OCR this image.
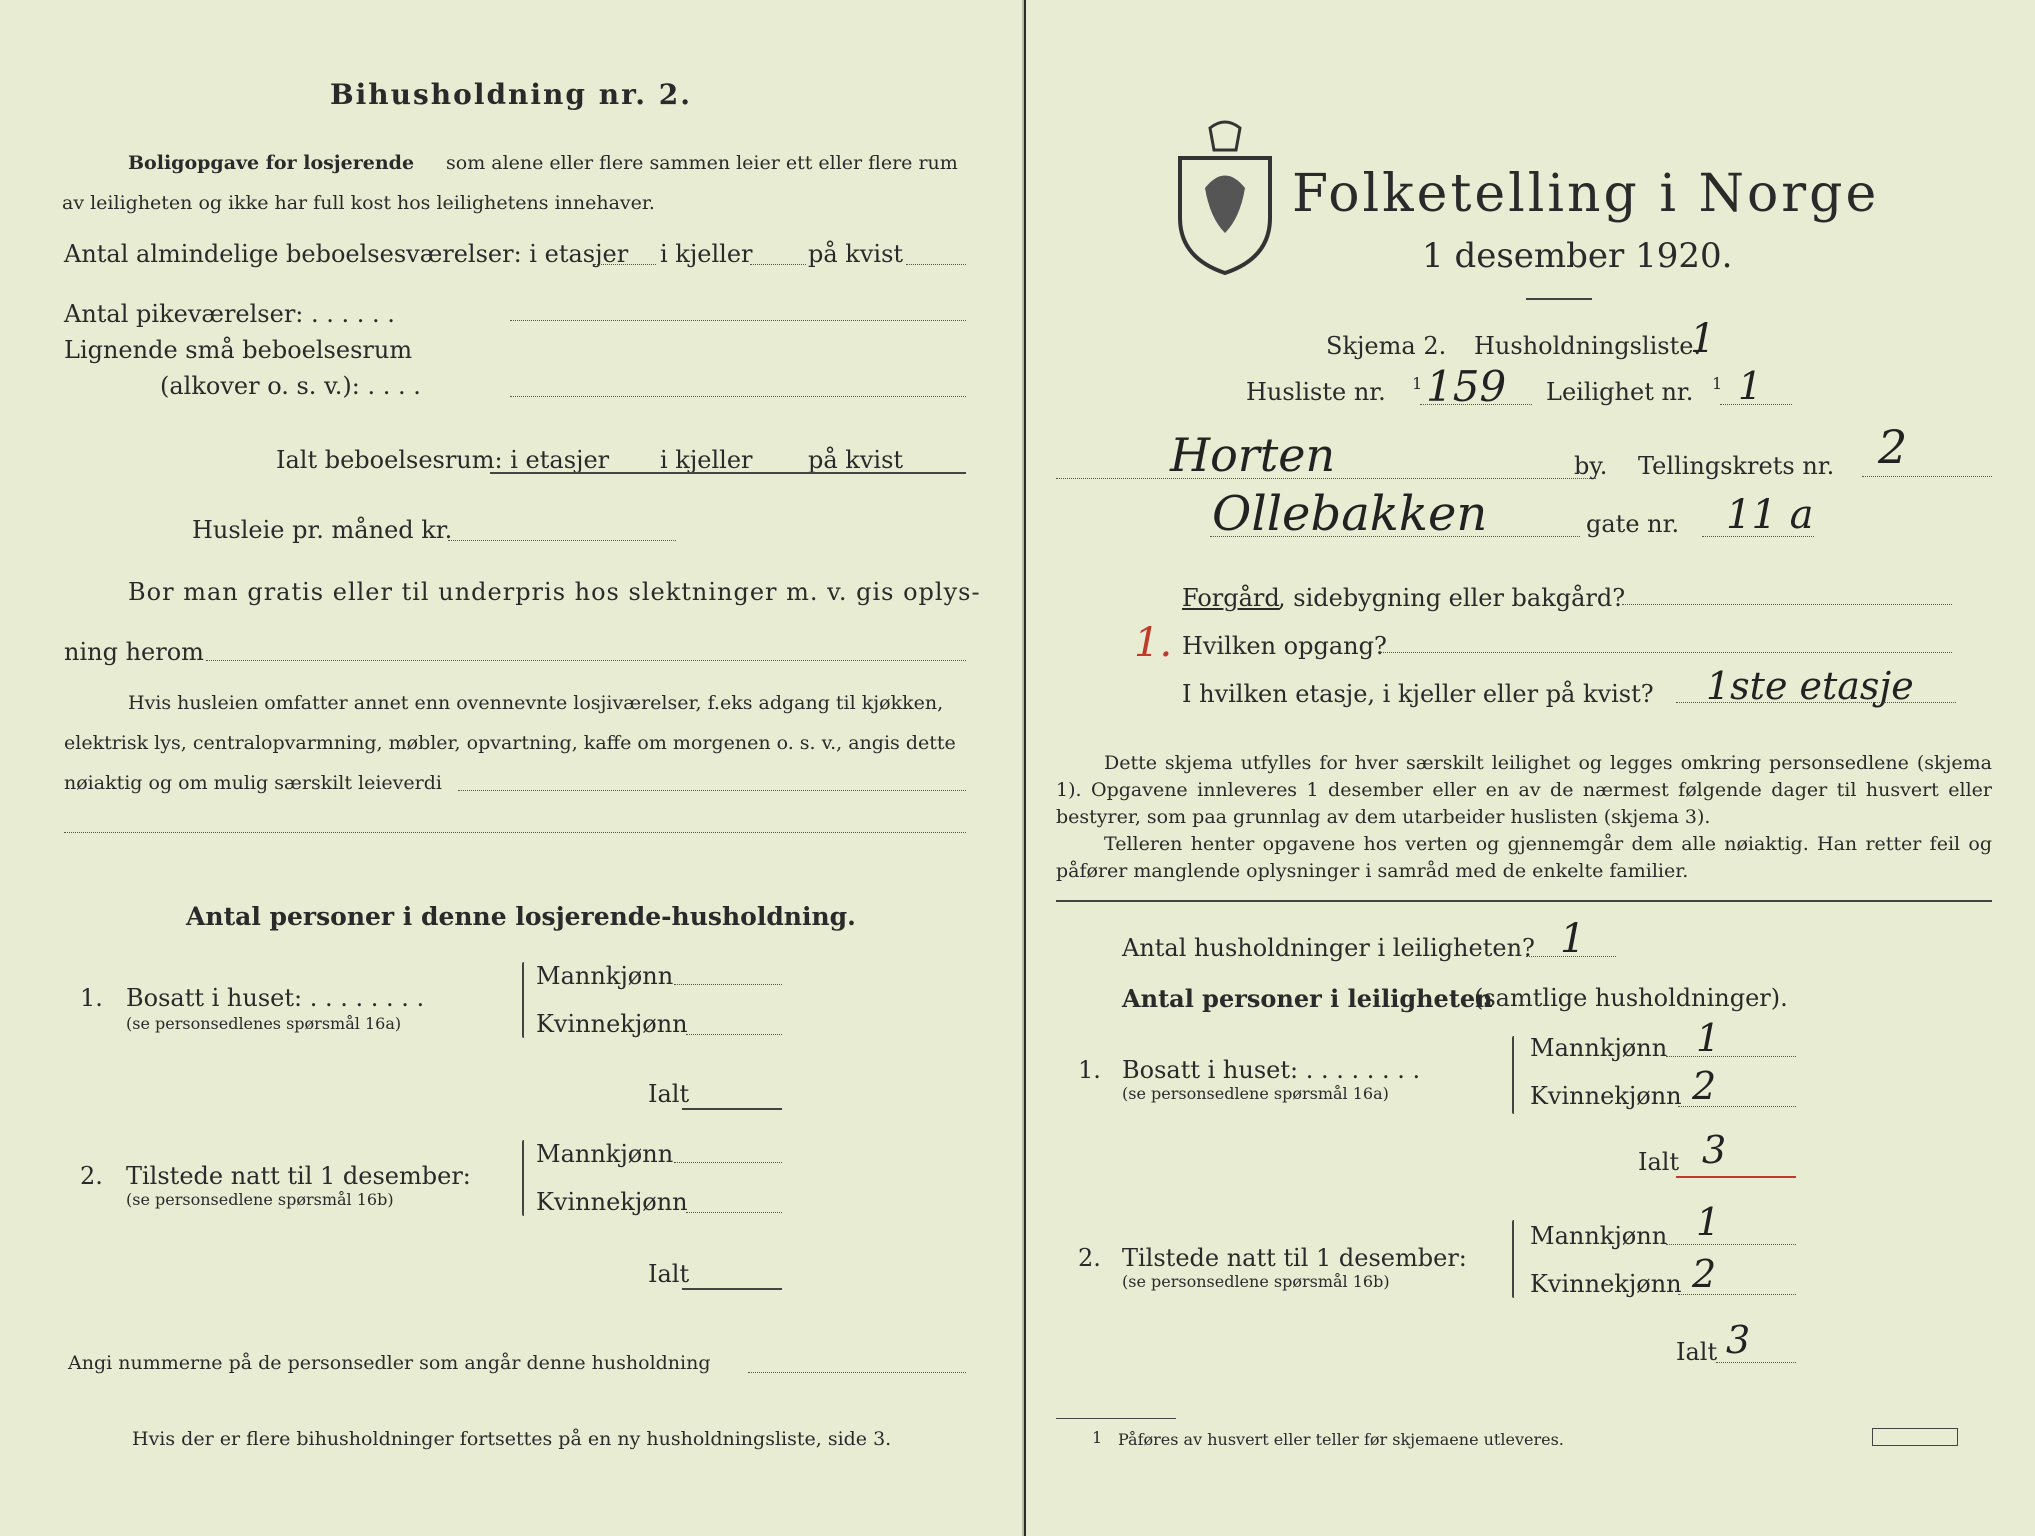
Bihusholdning nr. 2.
Boligopgave for losjerende som alene eller flere sammen leier ett eller flere rum
av leiligheten og ikke har full kost hos leilighetens innehaver.
Antal almindelige beboelsesværelser: i etasjer i kjeller på kvist
Antal pikeværelser: . . . . . .
Lignende små beboelsesrum
(alkover o. s. v.): . . . .
Ialt beboelsesrum: i etasjer i kjeller på kvist
Husleie pr. måned kr.
Bor man gratis eller til underpris hos slektninger m. v. gis oplys-
ning herom
Hvis husleien omfatter annet enn ovennevnte losjiværelser, f.eks adgang til kjøkken,
elektrisk lys, centralopvarmning, møbler, opvartning, kaffe om morgenen o. s. v., angis dette
nøiaktig og om mulig særskilt leieverdi
Antal personer i denne losjerende-husholdning.
1. Bosatt i huset: . . . . . . . .
(se personsedlenes spørsmål 16a)
Mannkjønn
Kvinnekjønn
Ialt
2. Tilstede natt til 1 desember:
(se personsedlene spørsmål 16b)
Mannkjønn
Kvinnekjønn
Ialt
Angi nummerne på de personsedler som angår denne husholdning
Hvis der er flere bihusholdninger fortsettes på en ny husholdningsliste, side 3.
Folketelling i Norge
1 desember 1920.
Skjema 2. Husholdningsliste.
1
Husliste nr. 1 159 Leilighet nr. 1 1
Horten	by. Tellingskrets nr. 2
Ollebakken	gate nr. 11 a
Forgård
, sidebygning eller bakgård?
1. Hvilken opgang?
I hvilken etasje, i kjeller eller på kvist? 1ste etasje
Dette skjema utfylles for hver særskilt leilighet og legges omkring personsedlene (skjema 1). Opgavene innleveres 1 desember eller en av de nærmest følgende dager til husvert eller bestyrer, som paa grunnlag av dem utarbeider huslisten (skjema 3).
Telleren henter opgavene hos verten og gjennemgår dem alle nøiaktig. Han retter feil og påfører manglende oplysninger i samråd med de enkelte familier.
Antal husholdninger i leiligheten? 1
Antal personer i leiligheten
(samtlige husholdninger).
1. Bosatt i huset: . . . . . . . .
(se personsedlene spørsmål 16a)
Mannkjønn 1
Kvinnekjønn 2
Ialt 3
2. Tilstede natt til 1 desember:
(se personsedlene spørsmål 16b)
Mannkjønn 1
Kvinnekjønn 2
Ialt 3
1 Påføres av husvert eller teller før skjemaene utleveres.
